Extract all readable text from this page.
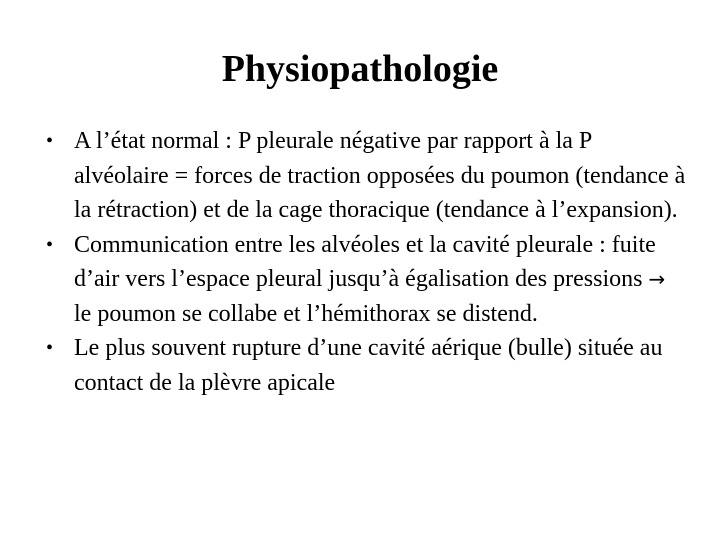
Physiopathologie
• A l’état normal : P pleurale négative par rapport à la P alvéolaire = forces de traction opposées du poumon (tendance à la rétraction) et de la cage thoracique (tendance à l’expansion).
• Communication entre les alvéoles et la cavité pleurale : fuite d’air vers l’espace pleural jusqu’à égalisation des pressions → le poumon se collabe et l’hémithorax se distend.
• Le plus souvent rupture d’une cavité aérique (bulle) située au contact de la plèvre apicale
